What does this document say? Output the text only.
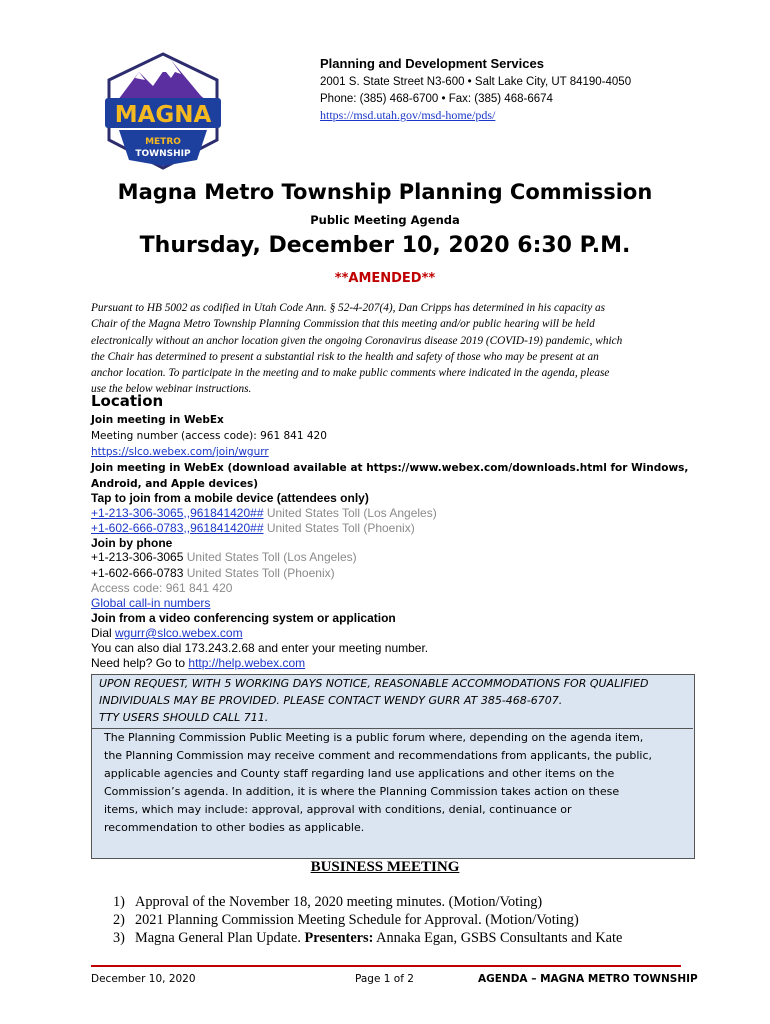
MAGNA
METRO
TOWNSHIP
Planning and Development Services
2001 S. State Street N3-600 • Salt Lake City, UT 84190-4050
Phone: (385) 468-6700 • Fax: (385) 468-6674
https://msd.utah.gov/msd-home/pds/
Magna Metro Township Planning Commission
Public Meeting Agenda
Thursday, December 10, 2020 6:30 P.M.
**AMENDED**
Pursuant to HB 5002 as codified in Utah Code Ann. § 52-4-207(4), Dan Cripps has determined in his capacity as
Chair of the Magna Metro Township Planning Commission that this meeting and/or public hearing will be held
electronically without an anchor location given the ongoing Coronavirus disease 2019 (COVID-19) pandemic, which
the Chair has determined to present a substantial risk to the health and safety of those who may be present at an
anchor location. To participate in the meeting and to make public comments where indicated in the agenda, please
use the below webinar instructions.
Location
Join meeting in WebEx
Meeting number (access code): 961 841 420
https://slco.webex.com/join/wgurr
Join meeting in WebEx (download available at https://www.webex.com/downloads.html for Windows,
Android, and Apple devices)
Tap to join from a mobile device (attendees only)
+1-213-306-3065,,961841420## United States Toll (Los Angeles)
+1-602-666-0783,,961841420## United States Toll (Phoenix)
Join by phone
+1-213-306-3065 United States Toll (Los Angeles)
+1-602-666-0783 United States Toll (Phoenix)
Access code: 961 841 420
Global call-in numbers
Join from a video conferencing system or application
Dial wgurr@slco.webex.com
You can also dial 173.243.2.68 and enter your meeting number.
Need help? Go to http://help.webex.com
UPON REQUEST, WITH 5 WORKING DAYS NOTICE, REASONABLE ACCOMMODATIONS FOR QUALIFIED
INDIVIDUALS MAY BE PROVIDED. PLEASE CONTACT WENDY GURR AT 385-468-6707.
TTY USERS SHOULD CALL 711.
The Planning Commission Public Meeting is a public forum where, depending on the agenda item,
the Planning Commission may receive comment and recommendations from applicants, the public,
applicable agencies and County staff regarding land use applications and other items on the
Commission’s agenda. In addition, it is where the Planning Commission takes action on these
items, which may include: approval, approval with conditions, denial, continuance or
recommendation to other bodies as applicable.
BUSINESS MEETING
1) Approval of the November 18, 2020 meeting minutes. (Motion/Voting)
2) 2021 Planning Commission Meeting Schedule for Approval. (Motion/Voting)
3) Magna General Plan Update. Presenters: Annaka Egan, GSBS Consultants and Kate
December 10, 2020	Page 1 of 2	AGENDA – MAGNA METRO TOWNSHIP
